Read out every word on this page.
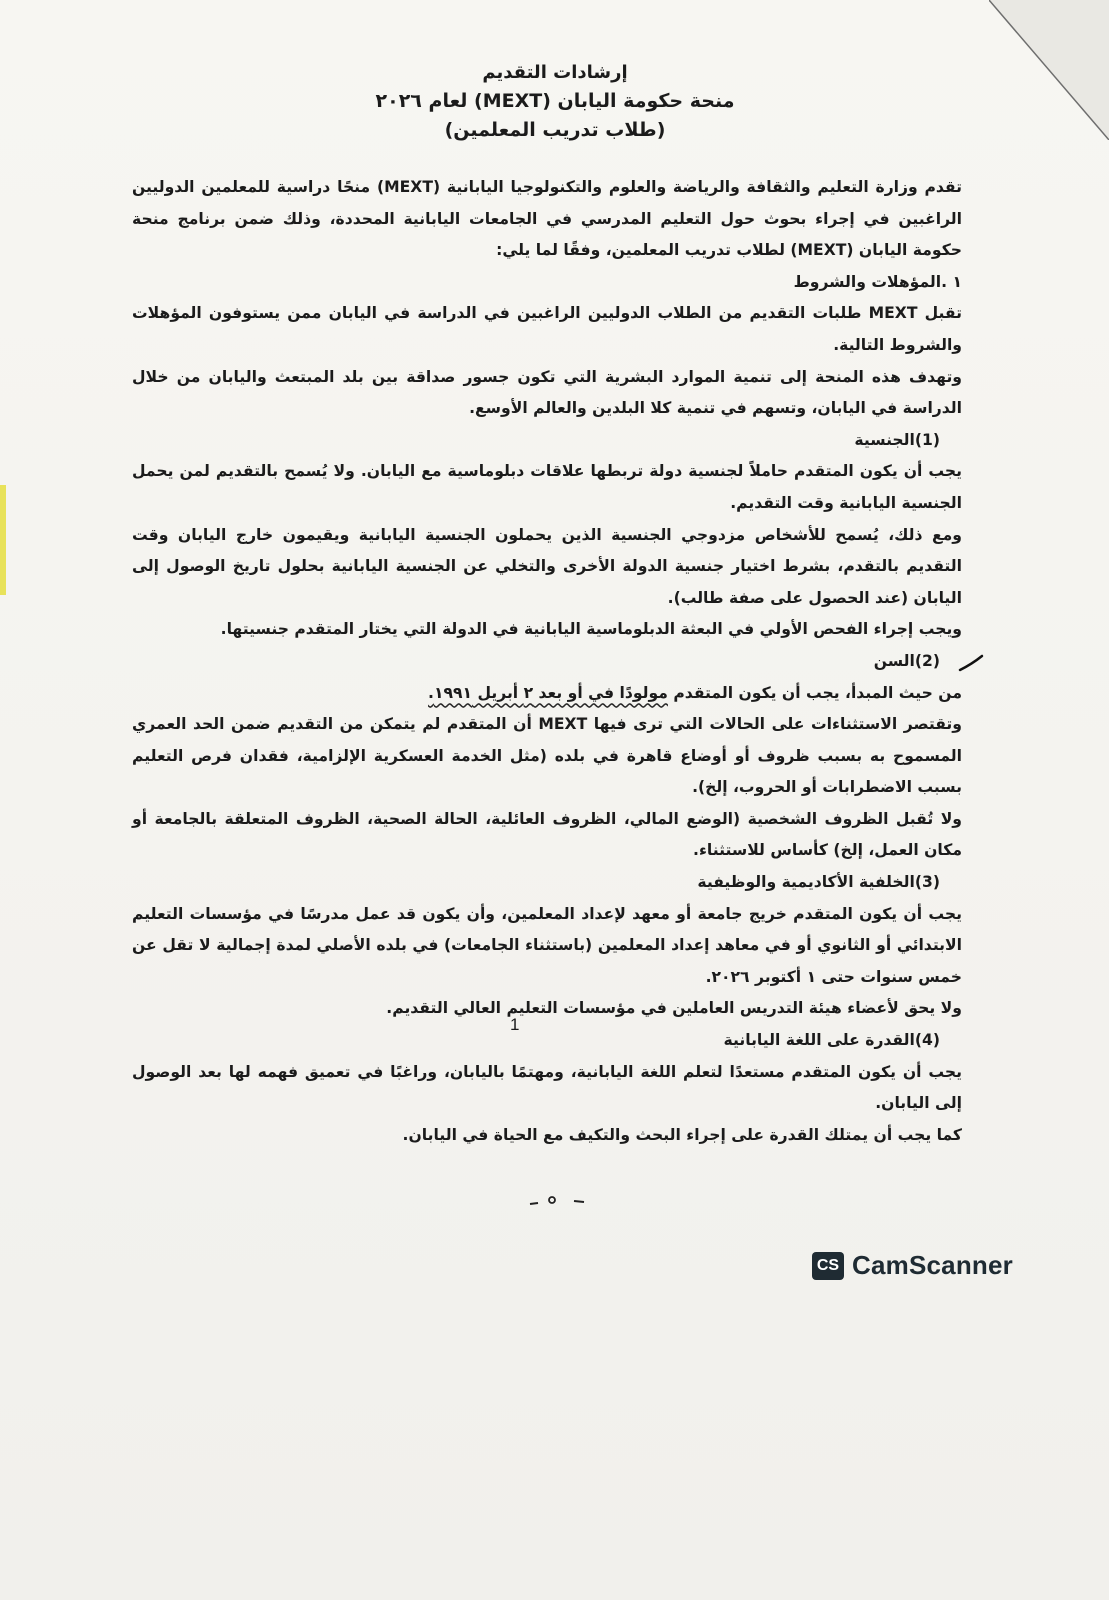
إرشادات التقديم
منحة حكومة اليابان (MEXT) لعام ٢٠٢٦
(طلاب تدريب المعلمين)

تقدم وزارة التعليم والثقافة والرياضة والعلوم والتكنولوجيا اليابانية (MEXT) منحًا دراسية للمعلمين الدوليين الراغبين في إجراء بحوث حول التعليم المدرسي في الجامعات اليابانية المحددة، وذلك ضمن برنامج منحة حكومة اليابان (MEXT) لطلاب تدريب المعلمين، وفقًا لما يلي:

١ .المؤهلات والشروط

تقبل MEXT طلبات التقديم من الطلاب الدوليين الراغبين في الدراسة في اليابان ممن يستوفون المؤهلات والشروط التالية.

وتهدف هذه المنحة إلى تنمية الموارد البشرية التي تكون جسور صداقة بين بلد المبتعث واليابان من خلال الدراسة في اليابان، وتسهم في تنمية كلا البلدين والعالم الأوسع.

(1)الجنسية

يجب أن يكون المتقدم حاملاً لجنسية دولة تربطها علاقات دبلوماسية مع اليابان. ولا يُسمح بالتقديم لمن يحمل الجنسية اليابانية وقت التقديم.

ومع ذلك، يُسمح للأشخاص مزدوجي الجنسية الذين يحملون الجنسية اليابانية ويقيمون خارج اليابان وقت التقديم بالتقدم، بشرط اختيار جنسية الدولة الأخرى والتخلي عن الجنسية اليابانية بحلول تاريخ الوصول إلى اليابان (عند الحصول على صفة طالب).

ويجب إجراء الفحص الأولي في البعثة الدبلوماسية اليابانية في الدولة التي يختار المتقدم جنسيتها.

(2)السن

من حيث المبدأ، يجب أن يكون المتقدم مولودًا في أو بعد ٢ أبريل ١٩٩١.

وتقتصر الاستثناءات على الحالات التي ترى فيها MEXT أن المتقدم لم يتمكن من التقديم ضمن الحد العمري المسموح به بسبب ظروف أو أوضاع قاهرة في بلده (مثل الخدمة العسكرية الإلزامية، فقدان فرص التعليم بسبب الاضطرابات أو الحروب، إلخ).

ولا تُقبل الظروف الشخصية (الوضع المالي، الظروف العائلية، الحالة الصحية، الظروف المتعلقة بالجامعة أو مكان العمل، إلخ) كأساس للاستثناء.

(3)الخلفية الأكاديمية والوظيفية

يجب أن يكون المتقدم خريج جامعة أو معهد لإعداد المعلمين، وأن يكون قد عمل مدرسًا في مؤسسات التعليم الابتدائي أو الثانوي أو في معاهد إعداد المعلمين (باستثناء الجامعات) في بلده الأصلي لمدة إجمالية لا تقل عن خمس سنوات حتى ١ أكتوبر ٢٠٢٦.

ولا يحق لأعضاء هيئة التدريس العاملين في مؤسسات التعليم العالي التقديم.

(4)القدرة على اللغة اليابانية

يجب أن يكون المتقدم مستعدًا لتعلم اللغة اليابانية، ومهتمًا باليابان، وراغبًا في تعميق فهمه لها بعد الوصول إلى اليابان.

كما يجب أن يمتلك القدرة على إجراء البحث والتكيف مع الحياة في اليابان.

1
CS CamScanner
